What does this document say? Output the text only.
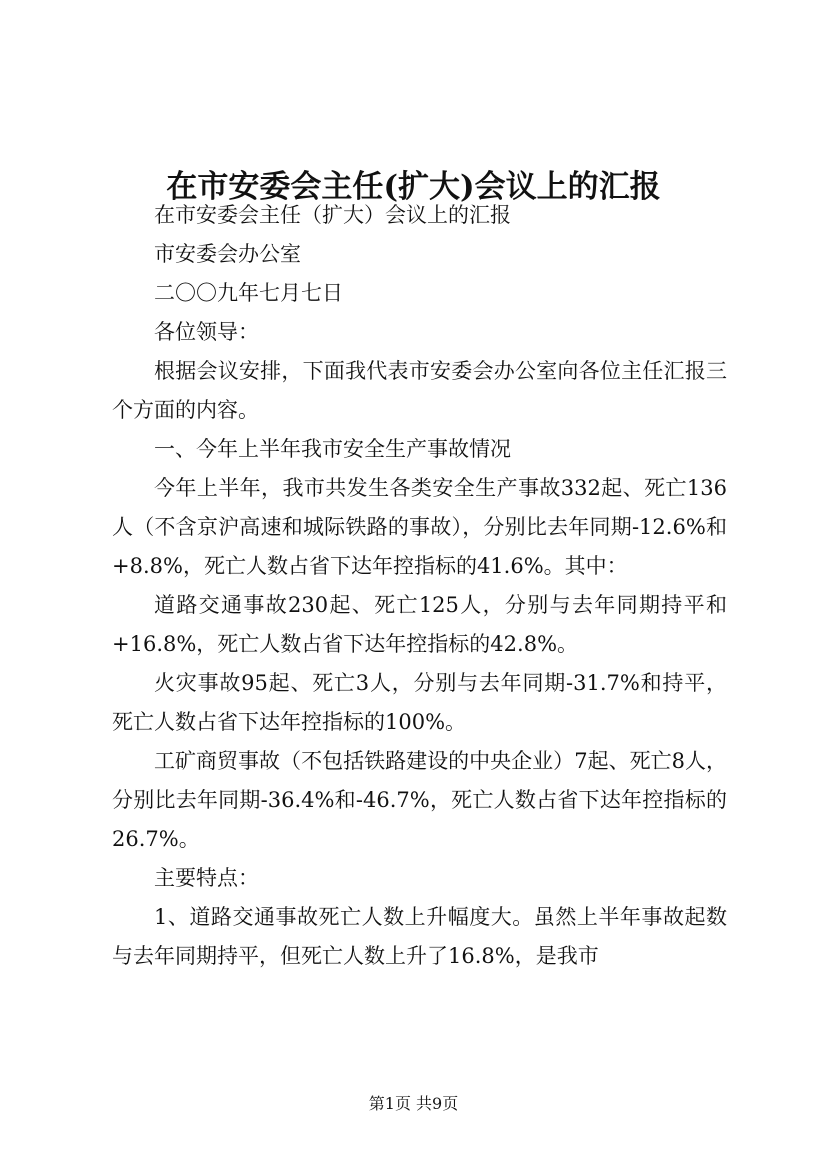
在市安委会主任(扩大)会议上的汇报

在市安委会主任（扩大）会议上的汇报

市安委会办公室

二〇〇九年七月七日

各位领导：

根据会议安排，下面我代表市安委会办公室向各位主任汇报三个方面的内容。

一、今年上半年我市安全生产事故情况

今年上半年，我市共发生各类安全生产事故332起、死亡136人（不含京沪高速和城际铁路的事故），分别比去年同期-12.6%和+8.8%，死亡人数占省下达年控指标的41.6%。其中：

道路交通事故230起、死亡125人，分别与去年同期持平和+16.8%，死亡人数占省下达年控指标的42.8%。

火灾事故95起、死亡3人，分别与去年同期-31.7%和持平，死亡人数占省下达年控指标的100%。

工矿商贸事故（不包括铁路建设的中央企业）7起、死亡8人，分别比去年同期-36.4%和-46.7%，死亡人数占省下达年控指标的26.7%。

主要特点：

1、道路交通事故死亡人数上升幅度大。虽然上半年事故起数与去年同期持平，但死亡人数上升了16.8%，是我市

第1页 共9页
